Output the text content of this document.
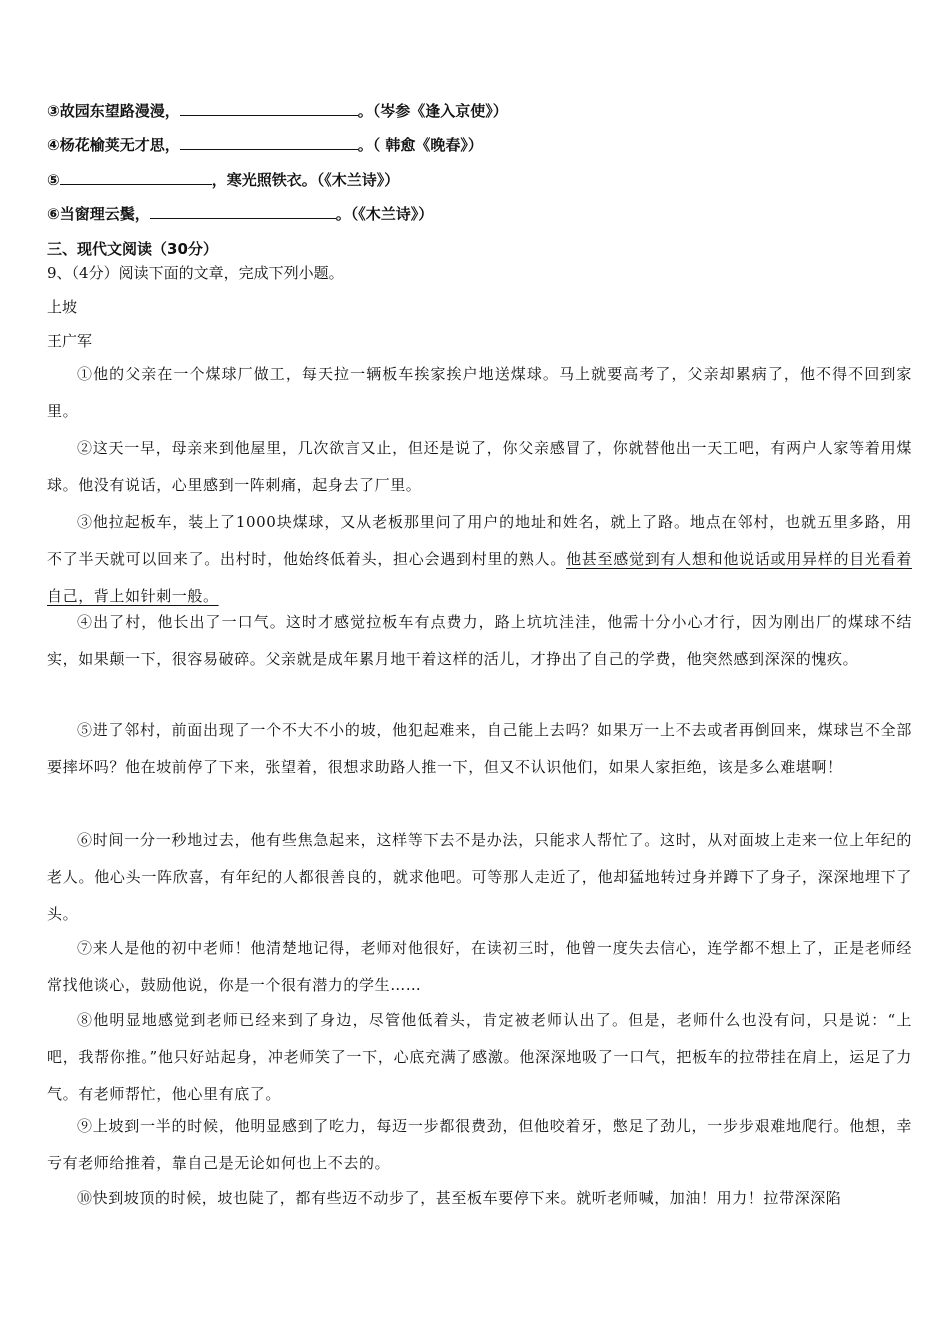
③故园东望路漫漫，	。（岑参《逢入京使》）
④杨花榆荚无才思，	。（ 韩愈《晚春》）
⑤	，寒光照铁衣。（《木兰诗》）
⑥当窗理云鬓，	。（《木兰诗》）
三、现代文阅读（30分）
9、（4分）阅读下面的文章，完成下列小题。
上坡
王广军
①他的父亲在一个煤球厂做工，每天拉一辆板车挨家挨户地送煤球。马上就要高考了，父亲却累病了，他不得不回到家里。
②这天一早，母亲来到他屋里，几次欲言又止，但还是说了，你父亲感冒了，你就替他出一天工吧，有两户人家等着用煤球。他没有说话，心里感到一阵刺痛，起身去了厂里。
③他拉起板车，装上了1000块煤球，又从老板那里问了用户的地址和姓名，就上了路。地点在邻村，也就五里多路，用不了半天就可以回来了。出村时，他始终低着头，担心会遇到村里的熟人。他甚至感觉到有人想和他说话或用异样的目光看着自己，背上如针刺一般。
④出了村，他长出了一口气。这时才感觉拉板车有点费力，路上坑坑洼洼，他需十分小心才行，因为刚出厂的煤球不结实，如果颠一下，很容易破碎。父亲就是成年累月地干着这样的活儿，才挣出了自己的学费，他突然感到深深的愧疚。
⑤进了邻村，前面出现了一个不大不小的坡，他犯起难来，自己能上去吗？如果万一上不去或者再倒回来，煤球岂不全部要摔坏吗？他在坡前停了下来，张望着，很想求助路人推一下，但又不认识他们，如果人家拒绝，该是多么难堪啊！
⑥时间一分一秒地过去，他有些焦急起来，这样等下去不是办法，只能求人帮忙了。这时，从对面坡上走来一位上年纪的老人。他心头一阵欣喜，有年纪的人都很善良的，就求他吧。可等那人走近了，他却猛地转过身并蹲下了身子，深深地埋下了头。
⑦来人是他的初中老师！他清楚地记得，老师对他很好，在读初三时，他曾一度失去信心，连学都不想上了，正是老师经常找他谈心，鼓励他说，你是一个很有潜力的学生……
⑧他明显地感觉到老师已经来到了身边，尽管他低着头，肯定被老师认出了。但是，老师什么也没有问，只是说：“上吧，我帮你推。”他只好站起身，冲老师笑了一下，心底充满了感激。他深深地吸了一口气，把板车的拉带挂在肩上，运足了力气。有老师帮忙，他心里有底了。
⑨上坡到一半的时候，他明显感到了吃力，每迈一步都很费劲，但他咬着牙，憋足了劲儿，一步步艰难地爬行。他想，幸亏有老师给推着，靠自己是无论如何也上不去的。
⑩快到坡顶的时候，坡也陡了，都有些迈不动步了，甚至板车要停下来。就听老师喊，加油！用力！拉带深深陷
